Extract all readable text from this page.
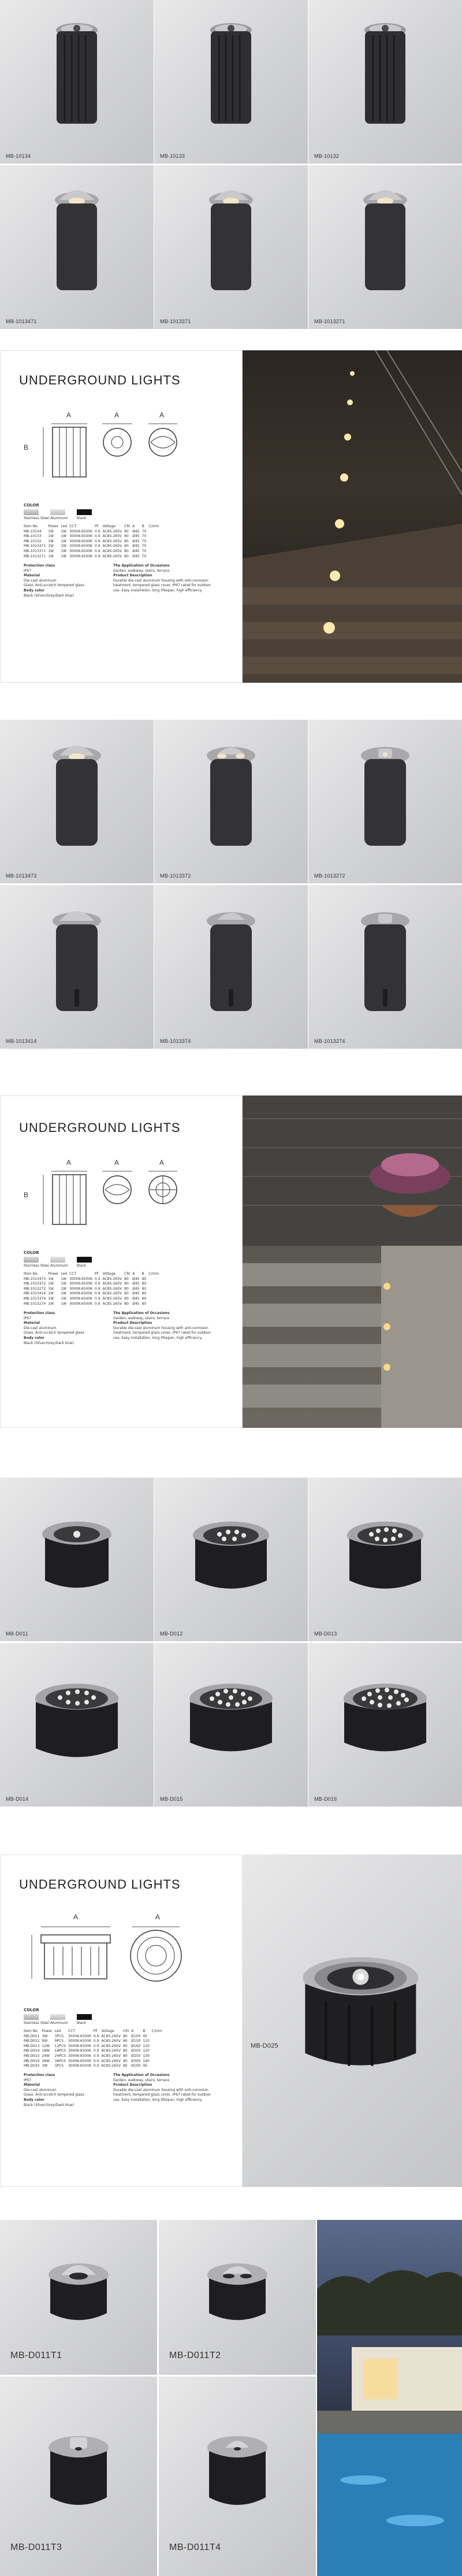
MB-10134	MB-10133	MB-10132
MB-1013471	MB-1013371	MB-1013271
UNDERGROUND LIGHTS
A	A	A
B
COLOR
Stainless Steel Aluminum	Black
Item No.	Power	Led	CCT	PF	Voltage	CRI	A	B	C/mm
MB-10134	1W	1W	3000K-6500K	0.9	AC85-265V	80	Ø45	70	
MB-10133	1W	1W	3000K-6500K	0.9	AC85-265V	80	Ø45	70	
MB-10132	1W	1W	3000K-6500K	0.9	AC85-265V	80	Ø45	70	
MB-1013471	1W	1W	3000K-6500K	0.9	AC85-265V	80	Ø45	70	
MB-1013371	1W	1W	3000K-6500K	0.9	AC85-265V	80	Ø45	70	
MB-1013271	1W	1W	3000K-6500K	0.9	AC85-265V	80	Ø45	70	
Protection class
IP67
Material
Die-cast aluminum
Glass: Anti-scratch tempered glass
Body color
Black (Silver/Grey/Dark blue)
The Application of Occasions
Garden, walkway, stairs, terrace
Product Description
Durable die-cast aluminum housing with anti-corrosion treatment, tempered glass cover, IP67 rated for outdoor use. Easy installation, long lifespan, high efficiency.
MB-1013473	MB-1013372	MB-1013272
MB-1013414	MB-1013374	MB-1013274
UNDERGROUND LIGHTS
A	A	A
B
COLOR
Stainless Steel Aluminum	Black
Item No.	Power	Led	CCT	PF	Voltage	CRI	A	B	C/mm
MB-1013473	1W	1W	3000K-6500K	0.9	AC85-265V	80	Ø45	80	
MB-1013372	1W	1W	3000K-6500K	0.9	AC85-265V	80	Ø45	80	
MB-1013272	1W	1W	3000K-6500K	0.9	AC85-265V	80	Ø45	80	
MB-1013414	1W	1W	3000K-6500K	0.9	AC85-265V	80	Ø45	80	
MB-1013374	1W	1W	3000K-6500K	0.9	AC85-265V	80	Ø45	80	
MB-1013274	1W	1W	3000K-6500K	0.9	AC85-265V	80	Ø45	80	
Protection class
IP67
Material
Die-cast aluminum
Glass: Anti-scratch tempered glass
Body color
Black (Silver/Grey/Dark blue)
The Application of Occasions
Garden, walkway, stairs, terrace
Product Description
Durable die-cast aluminum housing with anti-corrosion treatment, tempered glass cover, IP67 rated for outdoor use. Easy installation, long lifespan, high efficiency.
MB-D011	MB-D012	MB-D013
MB-D014	MB-D015	MB-D016
UNDERGROUND LIGHTS
A	A
COLOR
Stainless Steel Aluminum	Black
Item No.	Power	Led	CCT	PF	Voltage	CRI	A	B	C/mm
MB-D011	3W	3PCS	3000K-6500K	0.9	AC85-265V	80	Ø100	95	
MB-D012	9W	9PCS	3000K-6500K	0.9	AC85-265V	80	Ø150	110	
MB-D013	12W	12PCS	3000K-6500K	0.9	AC85-265V	80	Ø160	110	
MB-D014	18W	18PCS	3000K-6500K	0.9	AC85-265V	80	Ø200	120	
MB-D015	24W	24PCS	3000K-6500K	0.9	AC85-265V	80	Ø250	130	
MB-D016	36W	36PCS	3000K-6500K	0.9	AC85-265V	80	Ø300	140	
MB-D025	3W	3PCS	3000K-6500K	0.9	AC85-265V	80	Ø100	95	
Protection class
IP67
Material
Die-cast aluminum
Glass: Anti-scratch tempered glass
Body color
Black (Silver/Grey/Dark blue)
The Application of Occasions
Garden, walkway, stairs, terrace
Product Description
Durable die-cast aluminum housing with anti-corrosion treatment, tempered glass cover, IP67 rated for outdoor use. Easy installation, long lifespan, high efficiency.
MB-D025
MB-D011T1	MB-D011T2
MB-D011T3	MB-D011T4
